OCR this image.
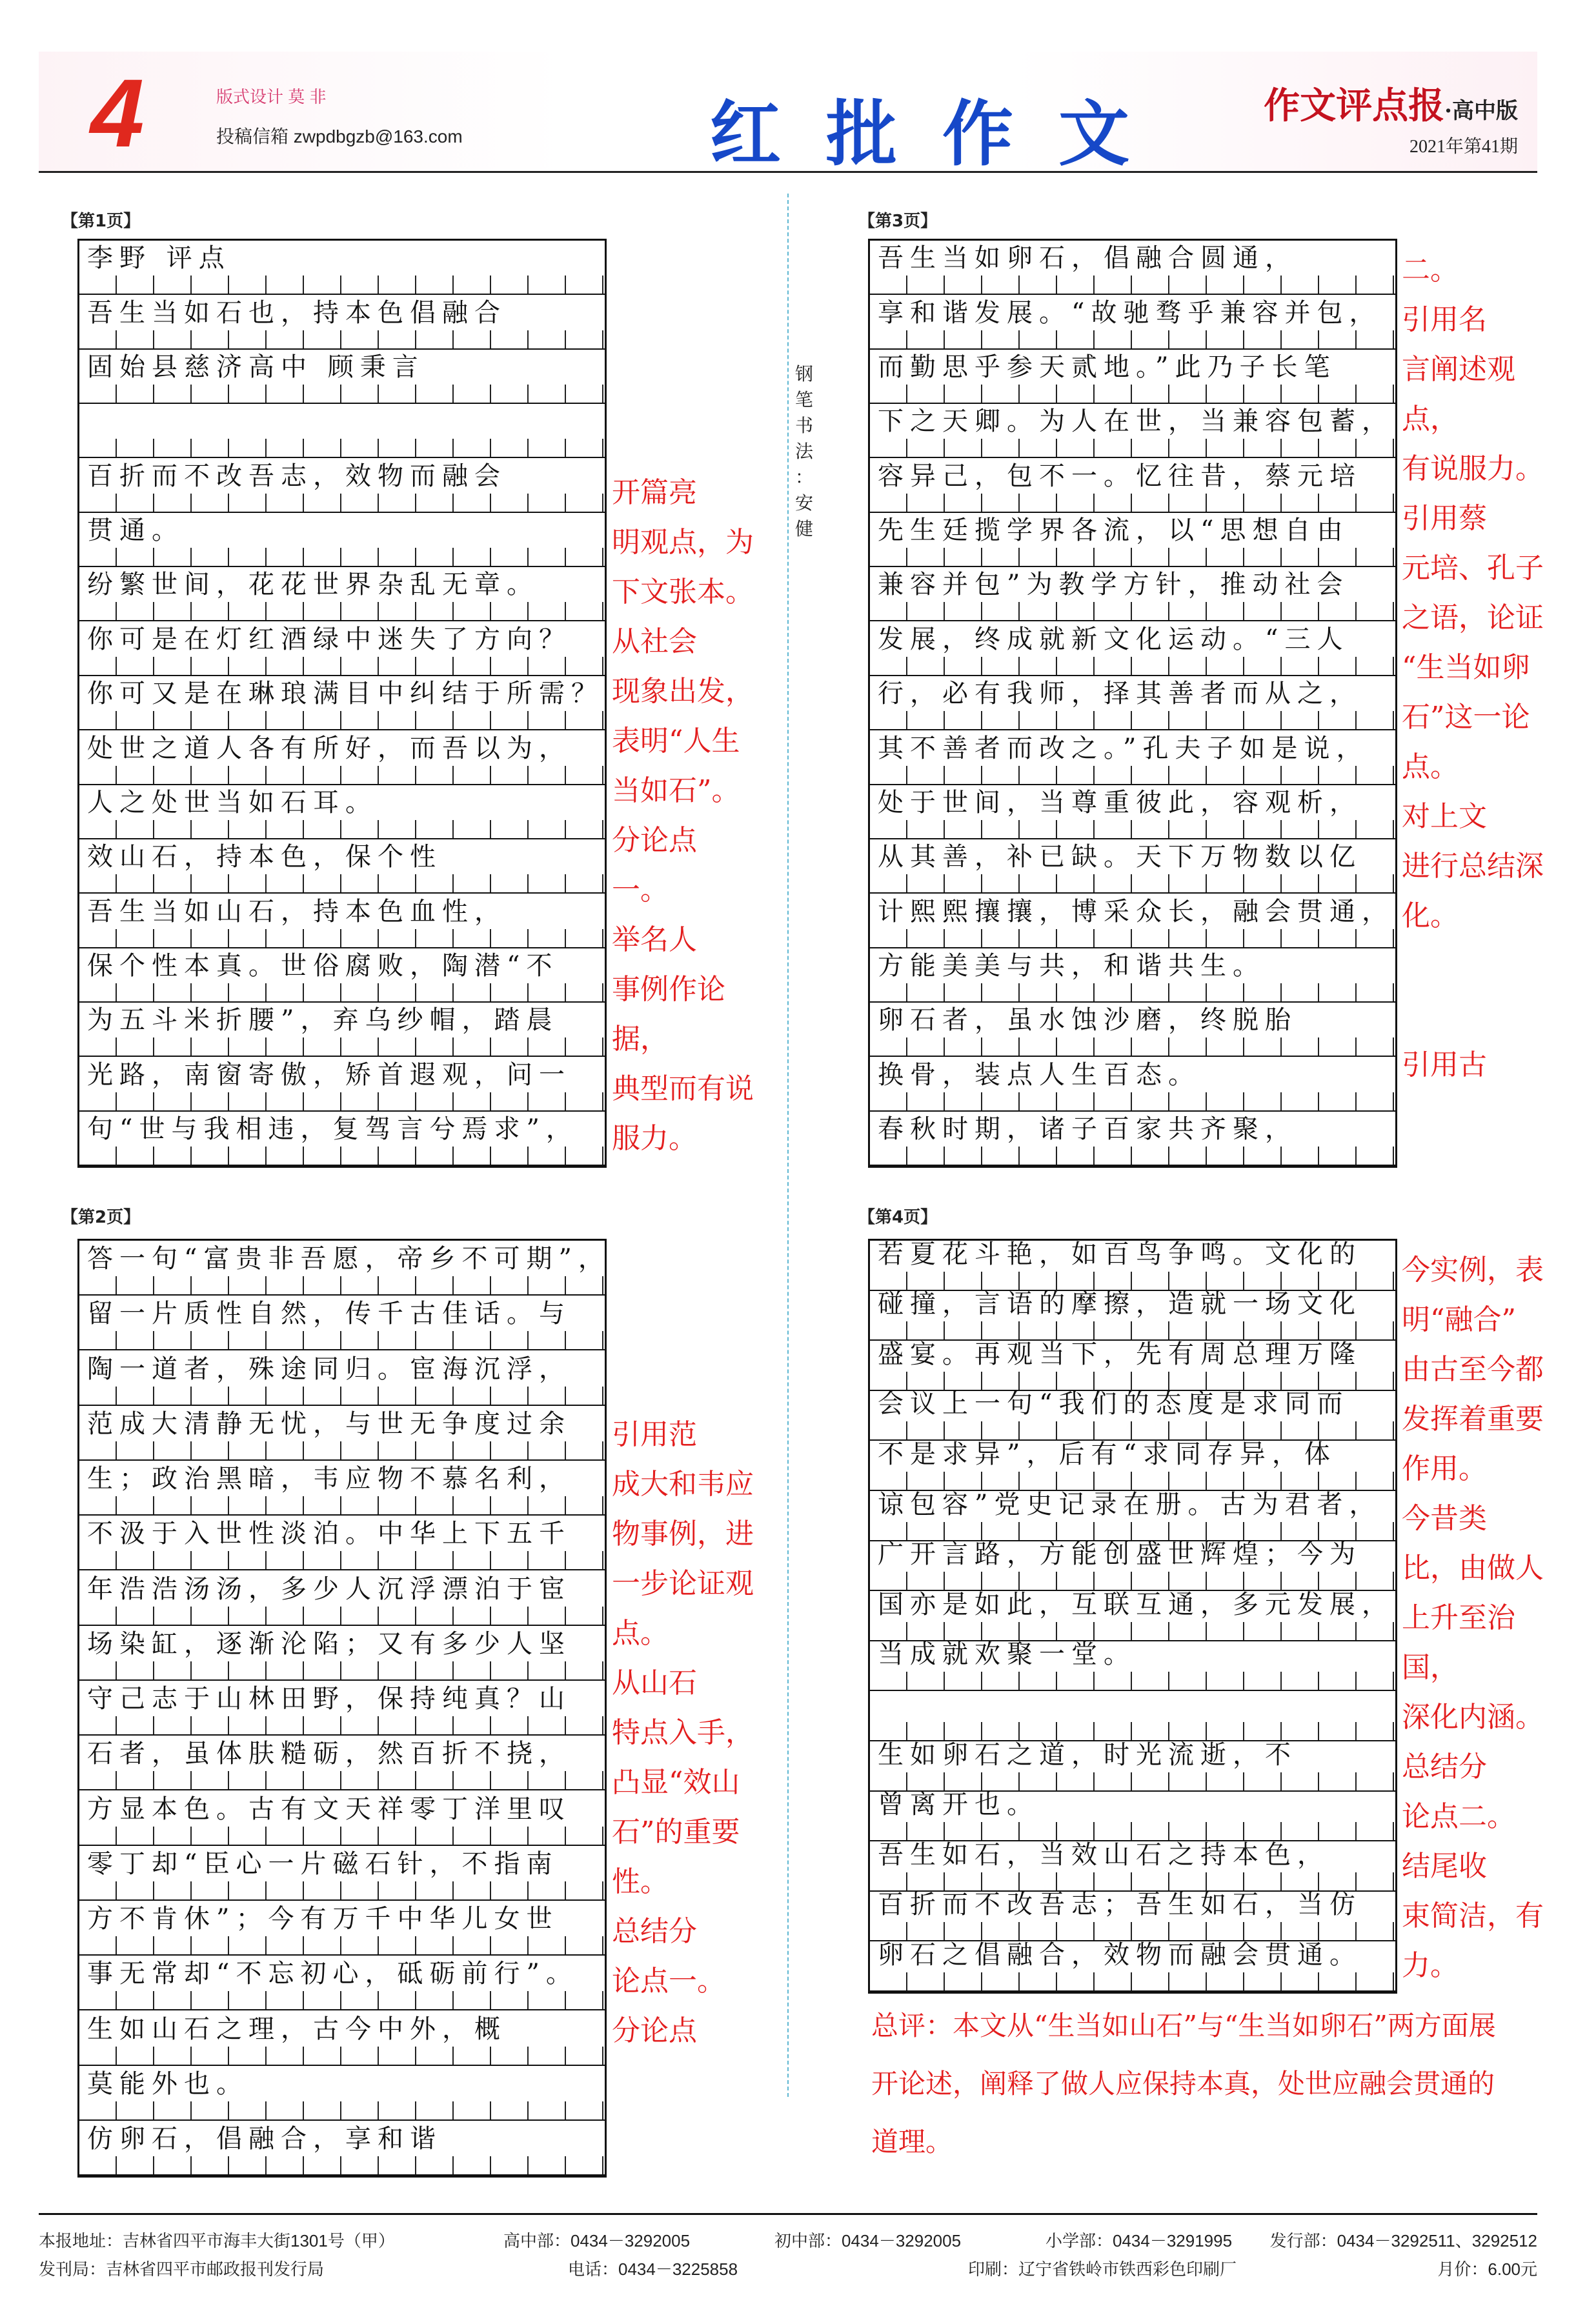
4	版式设计 莫 非
投稿信箱 zwpdbgzb@163.com	红批作文 作文评点报·高中版
2021年第41期
【第1页】
【第2页】
【第3页】
【第4页】
李野 评点
吾生当如石也，持本色倡融合
固始县慈济高中 顾秉言
百折而不改吾志，效物而融会
贯通。
纷繁世间，花花世界杂乱无章。
你可是在灯红酒绿中迷失了方向？
你可又是在琳琅满目中纠结于所需？
处世之道人各有所好，而吾以为，
人之处世当如石耳。
效山石，持本色，保个性
吾生当如山石，持本色血性，
保个性本真。世俗腐败，陶潜“不
为五斗米折腰”，弃乌纱帽，踏晨
光路，南窗寄傲，矫首遐观，问一
句“世与我相违，复驾言兮焉求”，
答一句“富贵非吾愿，帝乡不可期”，
留一片质性自然，传千古佳话。与
陶一道者，殊途同归。宦海沉浮，
范成大清静无忧，与世无争度过余
生；政治黑暗，韦应物不慕名利，
不汲于入世性淡泊。中华上下五千
年浩浩汤汤，多少人沉浮漂泊于宦
场染缸，逐渐沦陷；又有多少人坚
守己志于山林田野，保持纯真？山
石者，虽体肤糙砺，然百折不挠，
方显本色。古有文天祥零丁洋里叹
零丁却“臣心一片磁石针，不指南
方不肯休”；今有万千中华儿女世
事无常却“不忘初心，砥砺前行”。
生如山石之理，古今中外，概
莫能外也。
仿卵石，倡融合，享和谐
吾生当如卵石，倡融合圆通，
享和谐发展。“故驰骛乎兼容并包，
而勤思乎参天贰地。”此乃子长笔
下之天卿。为人在世，当兼容包蓄，
容异己，包不一。忆往昔，蔡元培
先生廷揽学界各流，以“思想自由
兼容并包”为教学方针，推动社会
发展，终成就新文化运动。“三人
行，必有我师，择其善者而从之，
其不善者而改之。”孔夫子如是说，
处于世间，当尊重彼此，容观析，
从其善，补已缺。天下万物数以亿
计熙熙攘攘，博采众长，融会贯通，
方能美美与共，和谐共生。
卵石者，虽水蚀沙磨，终脱胎
换骨，装点人生百态。
春秋时期，诸子百家共齐聚，
若夏花斗艳，如百鸟争鸣。文化的
碰撞，言语的摩擦，造就一场文化
盛宴。再观当下，先有周总理万隆
会议上一句“我们的态度是求同而
不是求异”，后有“求同存异，体
谅包容”党史记录在册。古为君者，
广开言路，方能创盛世辉煌；今为
国亦是如此，互联互通，多元发展，
当成就欢聚一堂。
生如卵石之道，时光流逝，不
曾离开也。
吾生如石，当效山石之持本色，
百折而不改吾志；吾生如石，当仿
卵石之倡融合，效物而融会贯通。

开篇亮
明观点，为
下文张本。
从社会
现象出发，
表明“人生
当如石”。
分论点
一。
举名人
事例作论据，
典型而有说
服力。

引用范
成大和韦应
物事例，进
一步论证观
点。
从山石
特点入手，
凸显“效山
石”的重要
性。
总结分
论点一。
分论点

二。
引用名
言阐述观点，
有说服力。
引用蔡
元培、孔子
之语，论证
“生当如卵
石”这一论
点。
对上文
进行总结深
化。

引用古

今实例，表
明“融合”
由古至今都
发挥着重要
作用。
今昔类
比，由做人
上升至治国，
深化内涵。
总结分
论点二。
结尾收
束简洁，有
力。

钢笔书法：安 健
总评：本文从“生当如山石”与“生当如卵石”两方面展开论述，阐释了做人应保持本真，处世应融会贯通的道理。
本报地址：吉林省四平市海丰大街1301号（甲）	高中部：0434－3292005	初中部：0434－3292005	小学部：0434－3291995 发行部：0434－3292511、3292512
发刊局：吉林省四平市邮政报刊发行局	电话：0434－3225858	印刷：辽宁省铁岭市铁西彩色印刷厂	月价：6.00元
